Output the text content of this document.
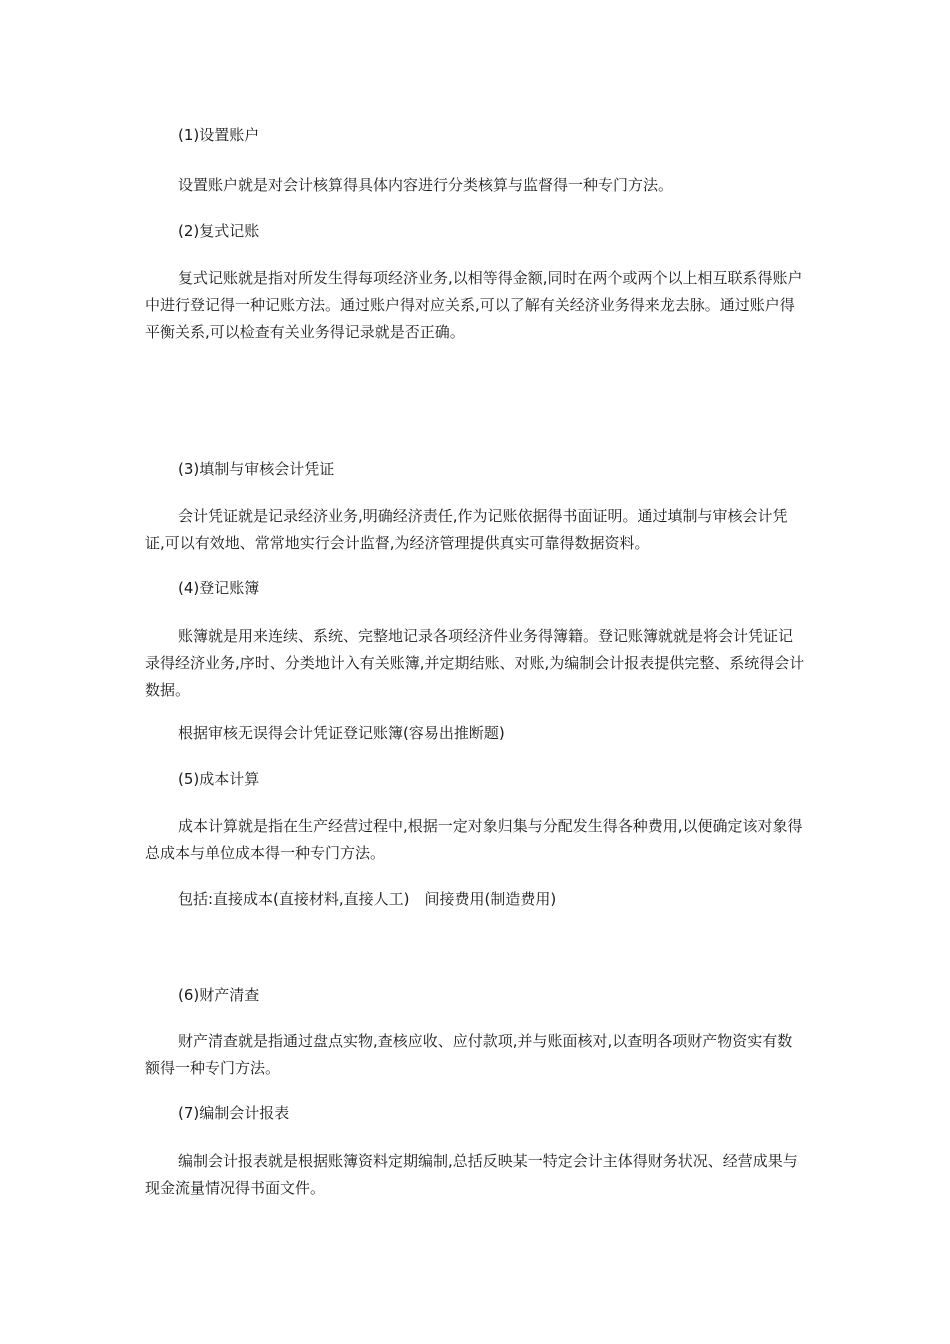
(1)设置账户

设置账户就是对会计核算得具体内容进行分类核算与监督得一种专门方法。

(2)复式记账

复式记账就是指对所发生得每项经济业务,以相等得金额,同时在两个或两个以上相互联系得账户中进行登记得一种记账方法。通过账户得对应关系,可以了解有关经济业务得来龙去脉。通过账户得平衡关系,可以检查有关业务得记录就是否正确。

(3)填制与审核会计凭证

会计凭证就是记录经济业务,明确经济责任,作为记账依据得书面证明。通过填制与审核会计凭证,可以有效地、常常地实行会计监督,为经济管理提供真实可靠得数据资料。

(4)登记账簿

账簿就是用来连续、系统、完整地记录各项经济件业务得簿籍。登记账簿就就是将会计凭证记录得经济业务,序时、分类地计入有关账簿,并定期结账、对账,为编制会计报表提供完整、系统得会计数据。

根据审核无误得会计凭证登记账簿(容易出推断题)

(5)成本计算

成本计算就是指在生产经营过程中,根据一定对象归集与分配发生得各种费用,以便确定该对象得总成本与单位成本得一种专门方法。

包括:直接成本(直接材料,直接人工)　间接费用(制造费用)

(6)财产清查

财产清查就是指通过盘点实物,查核应收、应付款项,并与账面核对,以查明各项财产物资实有数额得一种专门方法。

(7)编制会计报表

编制会计报表就是根据账簿资料定期编制,总括反映某一特定会计主体得财务状况、经营成果与现金流量情况得书面文件。
